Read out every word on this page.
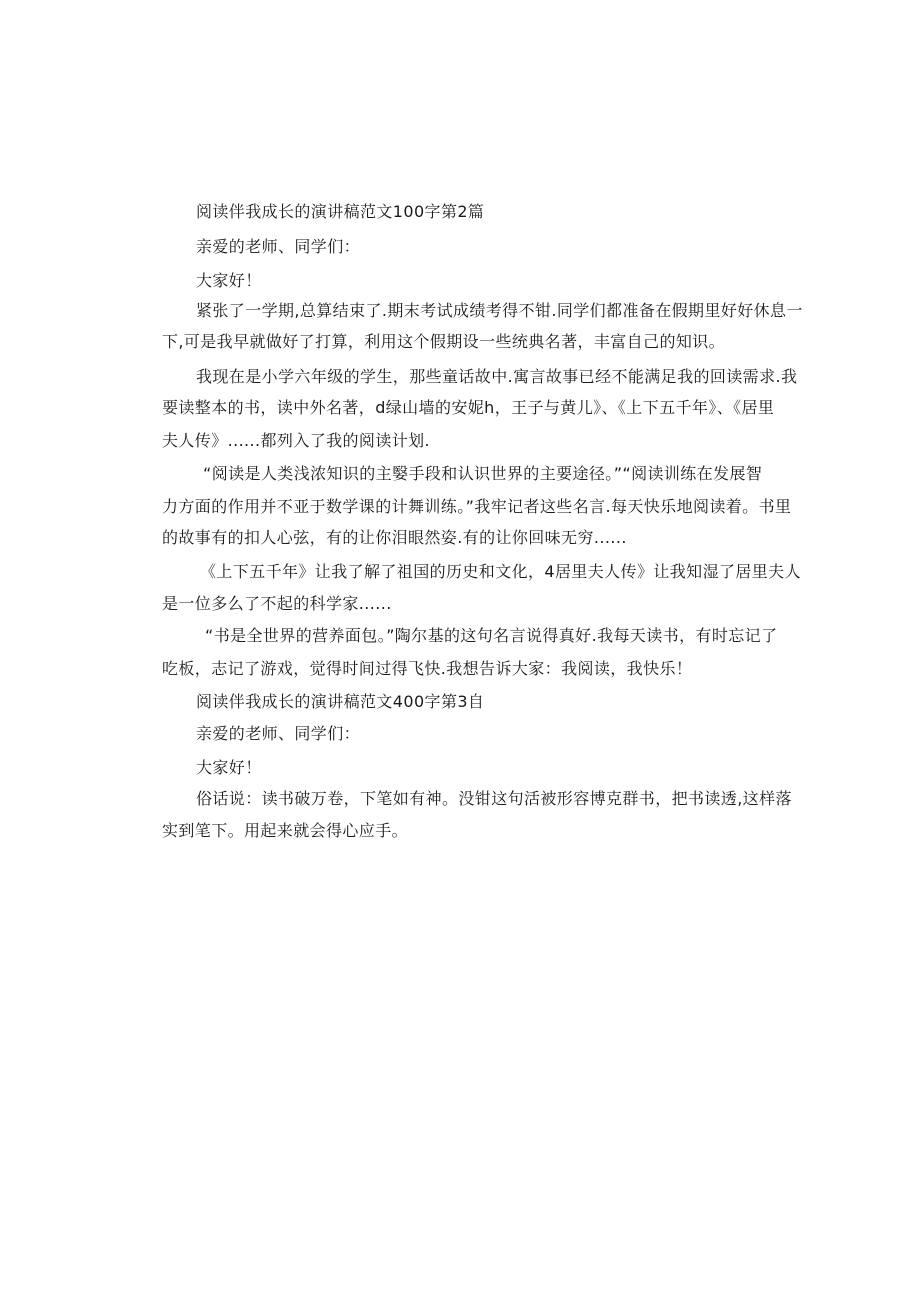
阅读伴我成长的演讲稿范文100字第2篇
亲爱的老师、同学们：
大家好！
紧张了一学期,总算结束了.期末考试成绩考得不钳.同学们都准备在假期里好好休息一
下,可是我早就做好了打算，利用这个假期设一些统典名著，丰富自己的知识。
我现在是小学六年级的学生，那些童话故中.寓言故事已经不能满足我的回读需求.我
要读整本的书，读中外名著，d绿山墙的安妮h，王子与黄儿》、《上下五千年》、《居里
夫人传》......都列入了我的阅读计划.
“阅读是人类浅浓知识的主嫛手段和认识世界的主要途径。”“阅读训练在发展智
力方面的作用并不亚于数学课的计舞训练。”我牢记者这些名言.每天快乐地阅读着。书里
的故事有的扣人心弦，有的让你泪眼然姿.有的让你回味无穷......
《上下五千年》让我了解了祖国的历史和文化，4居里夫人传》让我知湿了居里夫人
是一位多么了不起的科学家......
“书是全世界的营养面包。”陶尔基的这句名言说得真好.我每天读书，有时忘记了
吃板，志记了游戏，觉得时间过得飞快.我想告诉大家：我阅读，我快乐！
阅读伴我成长的演讲稿范文400字第3自
亲爱的老师、同学们：
大家好！
俗话说：读书破万卷，下笔如有神。没钳这句活被形容博克群书，把书读透,这样落
实到笔下。用起来就会得心应手。
